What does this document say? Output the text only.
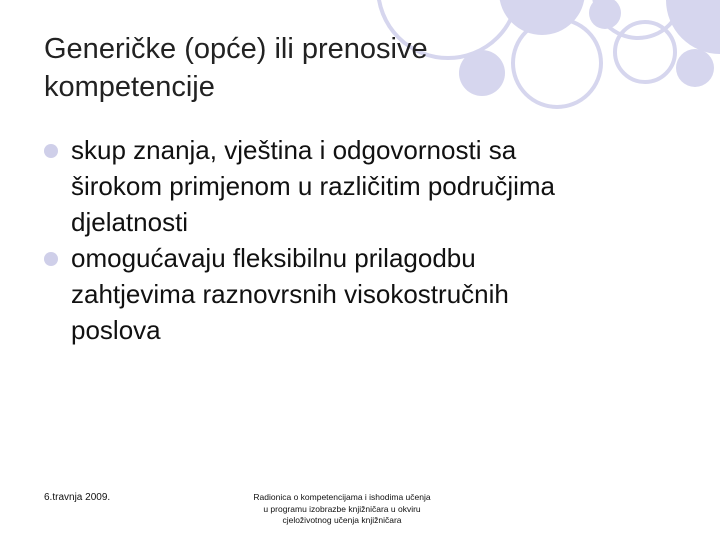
Generičke (opće) ili prenosive
kompetencije
skup znanja, vještina i odgovornosti sa
širokom primjenom u različitim područjima
djelatnosti
omogućavaju fleksibilnu prilagodbu
zahtjevima raznovrsnih visokostručnih
poslova
6.travnja 2009.	Radionica o kompetencijama i ishodima učenja
u programu izobrazbe knjižničara u okviru
cjeloživotnog učenja knjižničara
